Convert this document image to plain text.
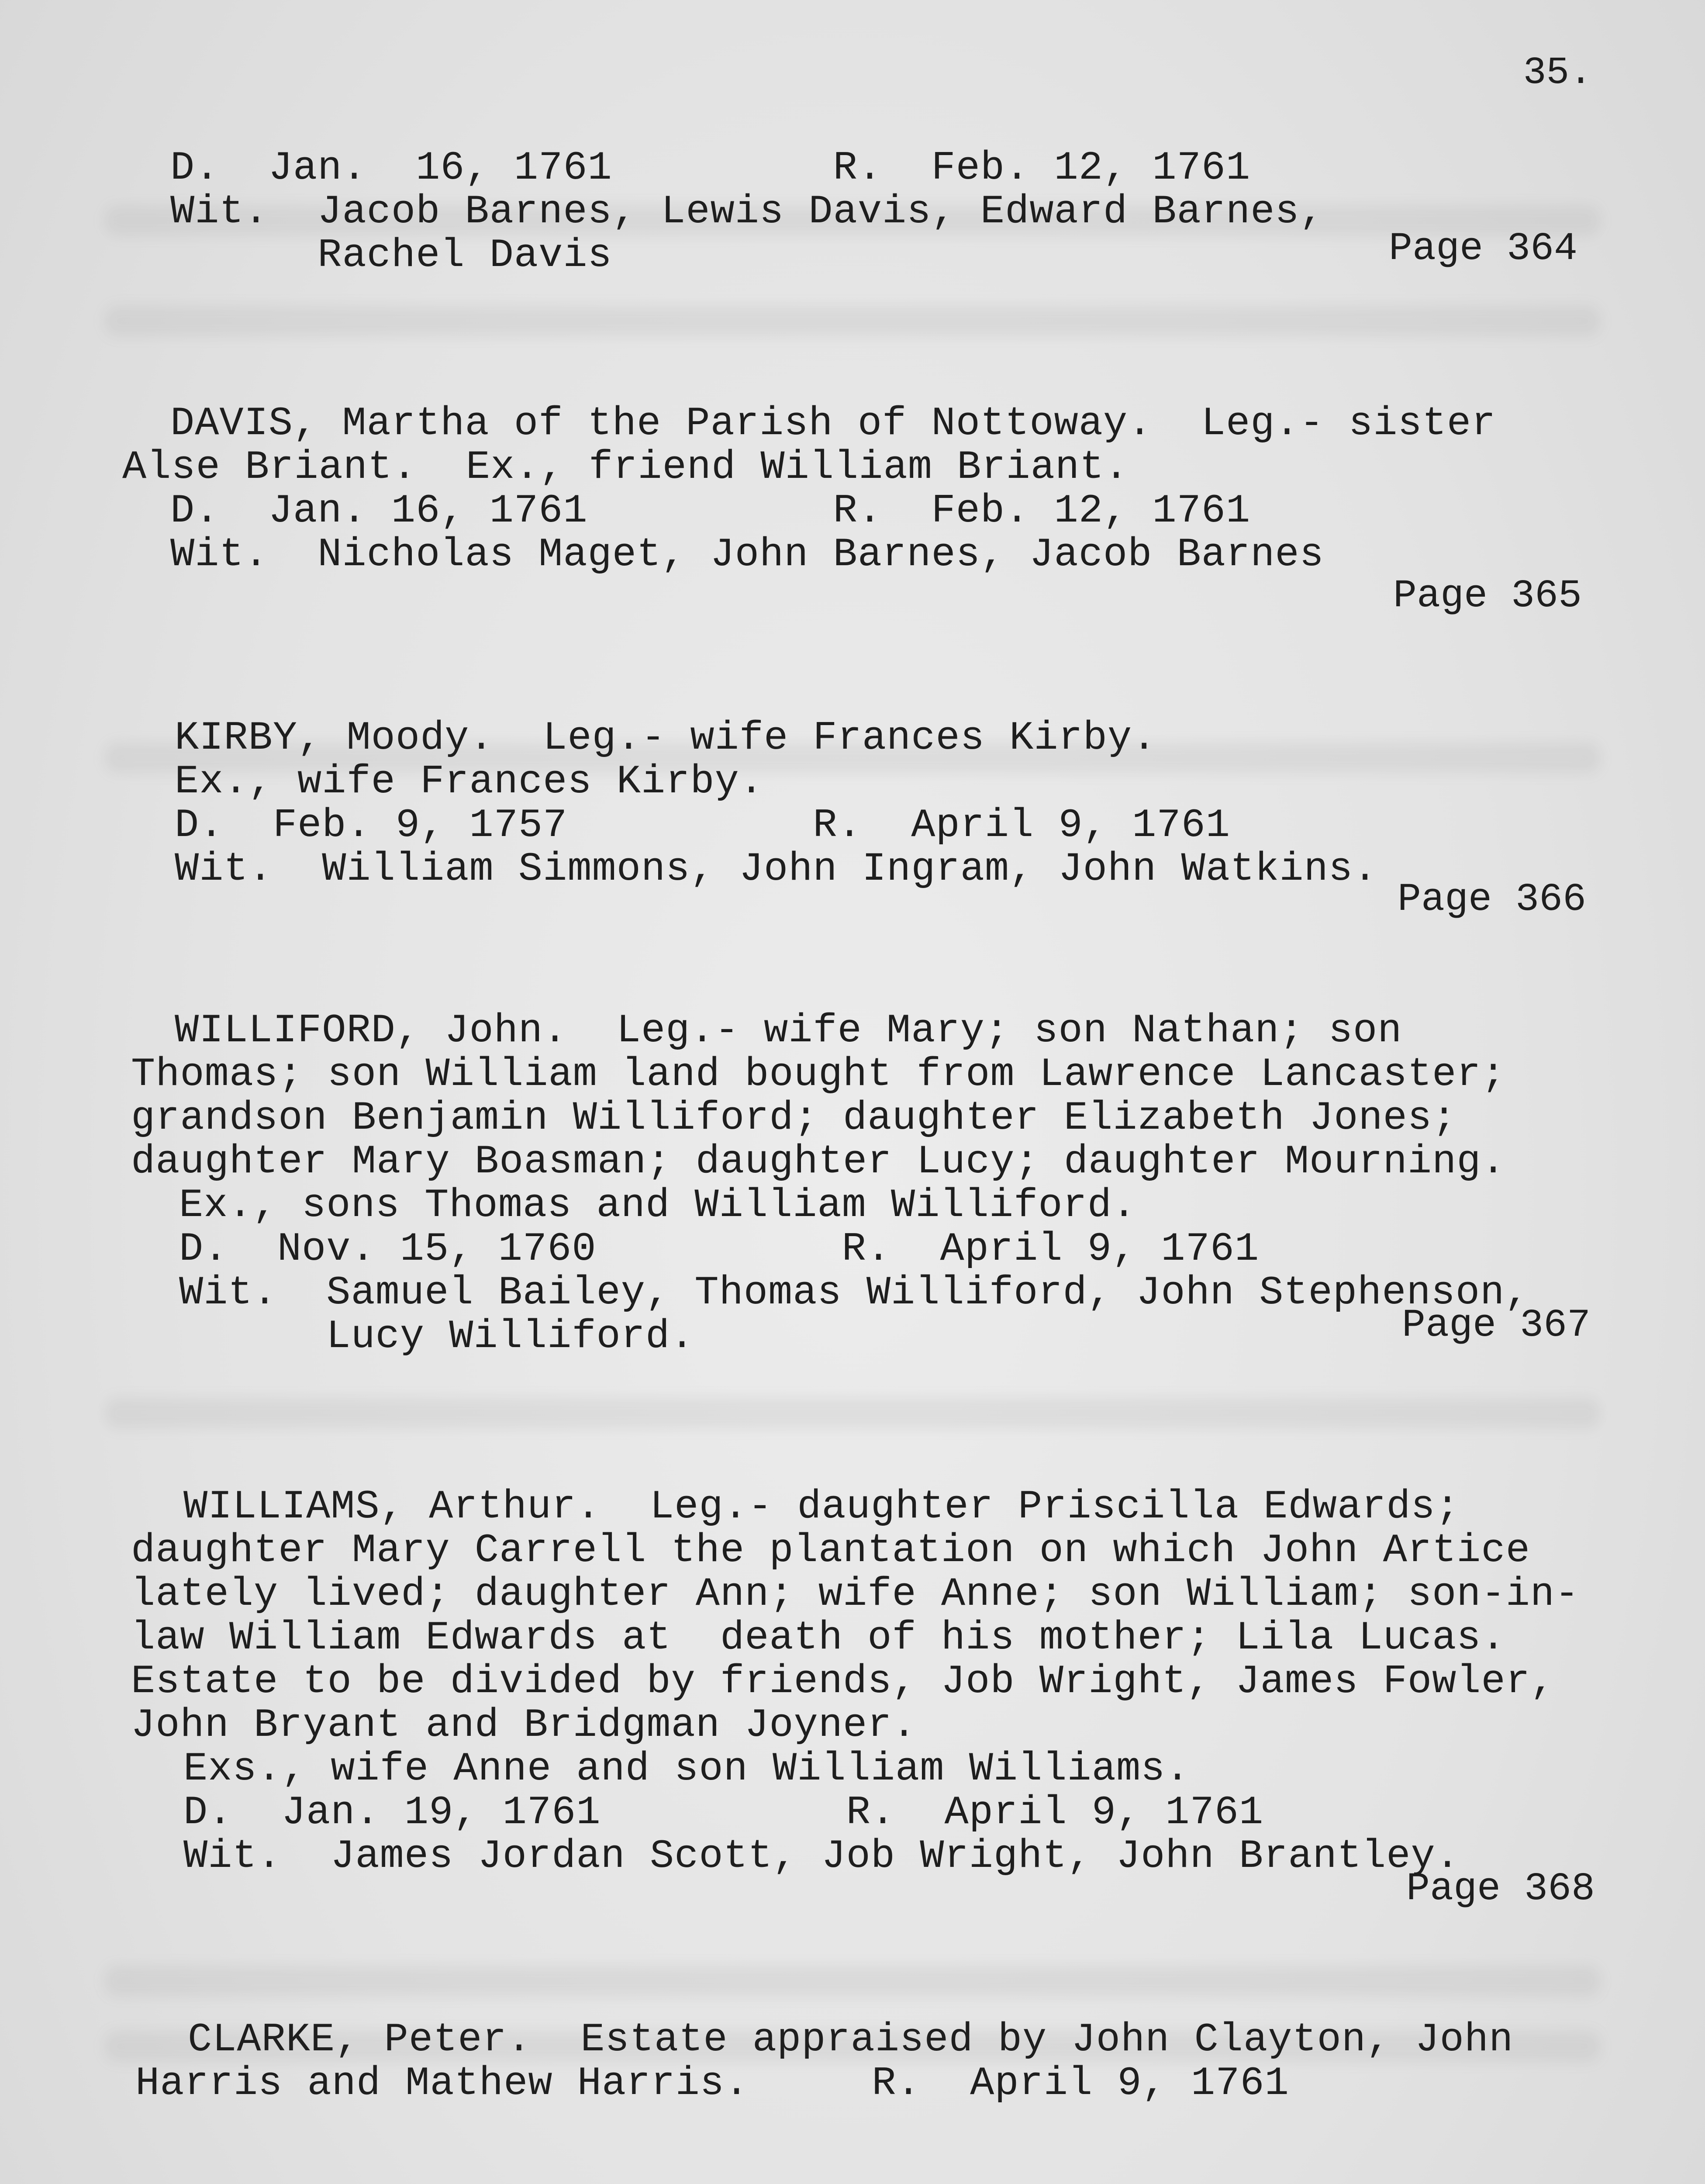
35.
D.  Jan.  16, 1761         R.  Feb. 12, 1761
Wit.  Jacob Barnes, Lewis Davis, Edward Barnes,
Rachel Davis	Page 364
DAVIS, Martha of the Parish of Nottoway.  Leg.- sister
Alse Briant.  Ex., friend William Briant.
D.  Jan. 16, 1761          R.  Feb. 12, 1761
Wit.  Nicholas Maget, John Barnes, Jacob Barnes
Page 365
KIRBY, Moody.  Leg.- wife Frances Kirby.
Ex., wife Frances Kirby.
D.  Feb. 9, 1757          R.  April 9, 1761
Wit.  William Simmons, John Ingram, John Watkins.
Page 366
WILLIFORD, John.  Leg.- wife Mary; son Nathan; son
Thomas; son William land bought from Lawrence Lancaster;
grandson Benjamin Williford; daughter Elizabeth Jones;
daughter Mary Boasman; daughter Lucy; daughter Mourning.
Ex., sons Thomas and William Williford.
D.  Nov. 15, 1760          R.  April 9, 1761
Wit.  Samuel Bailey, Thomas Williford, John Stephenson,
Lucy Williford.	Page 367
WILLIAMS, Arthur.  Leg.- daughter Priscilla Edwards;
daughter Mary Carrell the plantation on which John Artice
lately lived; daughter Ann; wife Anne; son William; son-in-
law William Edwards at  death of his mother; Lila Lucas.
Estate to be divided by friends, Job Wright, James Fowler,
John Bryant and Bridgman Joyner.
Exs., wife Anne and son William Williams.
D.  Jan. 19, 1761          R.  April 9, 1761
Wit.  James Jordan Scott, Job Wright, John Brantley.
Page 368
CLARKE, Peter.  Estate appraised by John Clayton, John
Harris and Mathew Harris.     R.  April 9, 1761
